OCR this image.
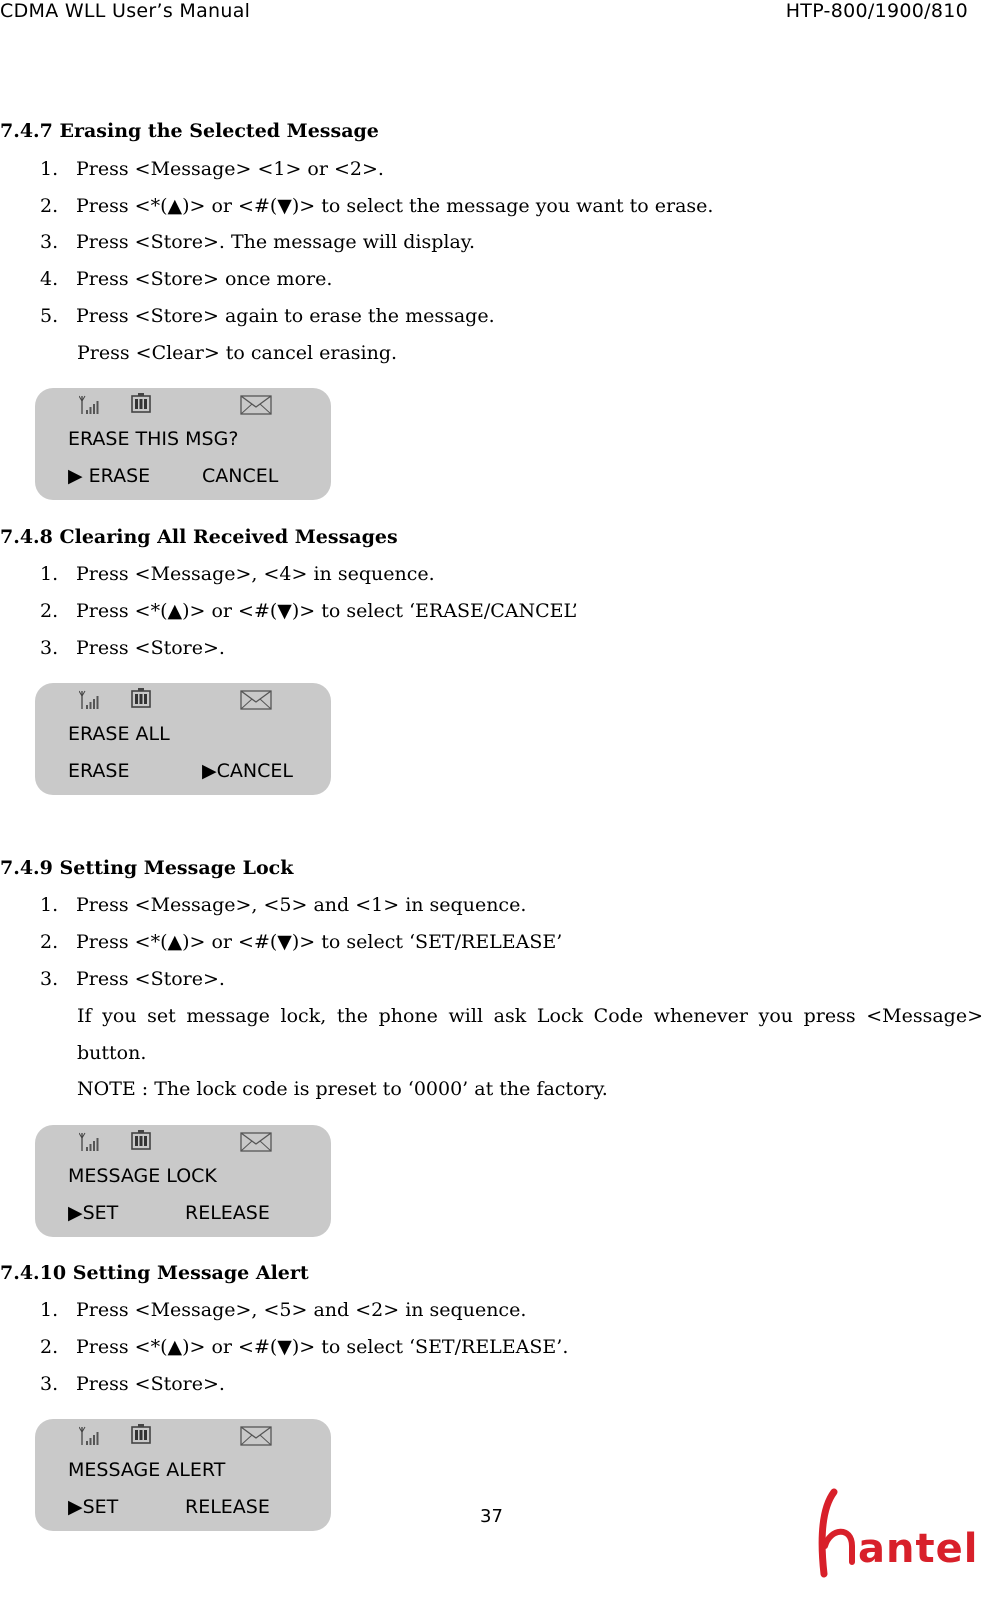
CDMA WLL User’s Manual	HTP-800/1900/810
7.4.7 Erasing the Selected Message
1. Press <Message> <1> or <2>.
2. Press <*(▲)> or <#(▼)> to select the message you want to erase.
3. Press <Store>. The message will display.
4. Press <Store> once more.
5. Press <Store> again to erase the message.
Press <Clear> to cancel erasing.
ERASE THIS MSG?
▶ ERASE	CANCEL
7.4.8 Clearing All Received Messages
1. Press <Message>, <4> in sequence.
2. Press <*(▲)> or <#(▼)> to select ‘ERASE/CANCEL’
3. Press <Store>.
ERASE ALL
ERASE	▶CANCEL
7.4.9 Setting Message Lock
1. Press <Message>, <5> and <1> in sequence.
2. Press <*(▲)> or <#(▼)> to select ‘SET/RELEASE’
3. Press <Store>.
If you set message lock, the phone will ask Lock Code whenever you press <Message>
button.
NOTE : The lock code is preset to ‘0000’ at the factory.
MESSAGE LOCK
▶SET	RELEASE
7.4.10 Setting Message Alert
1. Press <Message>, <5> and <2> in sequence.
2. Press <*(▲)> or <#(▼)> to select ‘SET/RELEASE’.
3. Press <Store>.
MESSAGE ALERT
▶SET	RELEASE	37
antel
